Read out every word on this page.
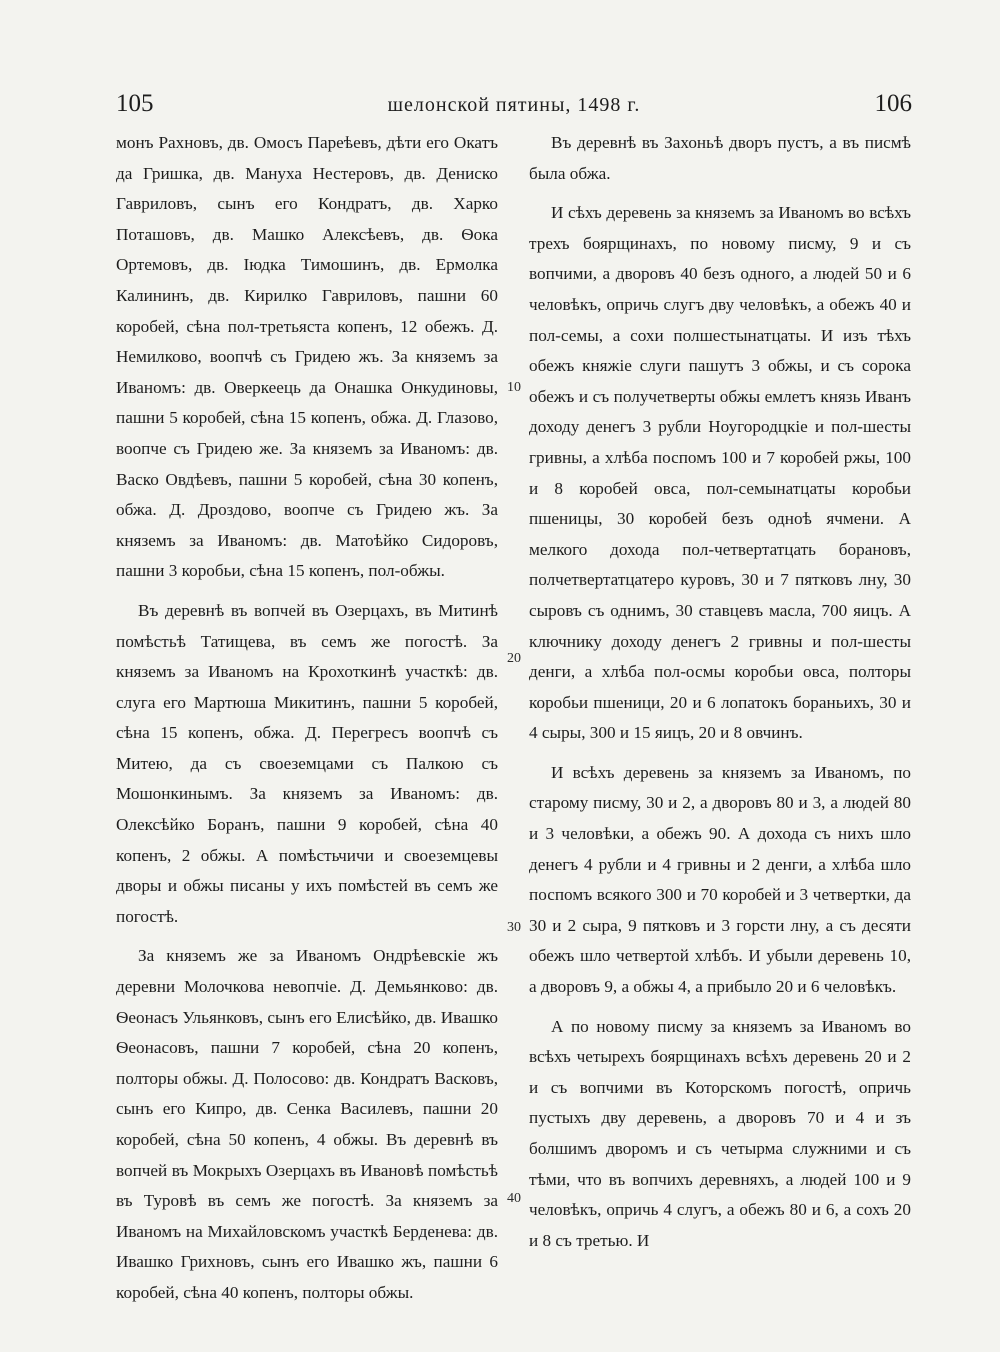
105	шелонской пятины, 1498 г.	106

монъ Рахновъ, дв. Омосъ Пареѣевъ, дѣти его Окатъ да Гришка, дв. Мануха Нестеровъ, дв. Дениско Гавриловъ, сынъ его Кондратъ, дв. Харко Поташовъ, дв. Машко Алексѣевъ, дв. Ѳока Ортемовъ, дв. Іюдка Тимошинъ, дв. Ермолка Калининъ, дв. Кирилко Гавриловъ, пашни 60 коробей, сѣна пол-третьяста копенъ, 12 обежъ. Д. Немилково, воопчѣ съ Гридею жъ. За княземъ за Иваномъ: дв. Оверкеець да Онашка Онкудиновы, пашни 5 коробей, сѣна 15 копенъ, обжа. Д. Глазово, воопче съ Гридею же. За княземъ за Иваномъ: дв. Васко Овдѣевъ, пашни 5 коробей, сѣна 30 копенъ, обжа. Д. Дроздово, воопче съ Гридею жъ. За княземъ за Иваномъ: дв. Матоѣйко Сидоровъ, пашни 3 коробьи, сѣна 15 копенъ, пол-обжы.

Въ деревнѣ въ вопчей въ Озерцахъ, въ Митинѣ помѣстьѣ Татищева, въ семъ же погостѣ. За княземъ за Иваномъ на Крохоткинѣ участкѣ: дв. слуга его Мартюша Микитинъ, пашни 5 коробей, сѣна 15 копенъ, обжа. Д. Перегресъ воопчѣ съ Митею, да съ своеземцами съ Палкою съ Мошонкинымъ. За княземъ за Иваномъ: дв. Олексѣйко Боранъ, пашни 9 коробей, сѣна 40 копенъ, 2 обжы. А помѣстьчичи и своеземцевы дворы и обжы писаны у ихъ помѣстей въ семъ же погостѣ.

За княземъ же за Иваномъ Ондрѣевскіе жъ деревни Молочкова невопчіе. Д. Демьянково: дв. Ѳеонасъ Ульянковъ, сынъ его Елисѣйко, дв. Ивашко Ѳеонасовъ, пашни 7 коробей, сѣна 20 копенъ, полторы обжы. Д. Полосово: дв. Кондратъ Васковъ, сынъ его Кипро, дв. Сенка Василевъ, пашни 20 коробей, сѣна 50 копенъ, 4 обжы. Въ деревнѣ въ вопчей въ Мокрыхъ Озерцахъ въ Ивановѣ помѣстьѣ въ Туровѣ въ семъ же погостѣ. За княземъ за Иваномъ на Михайловскомъ участкѣ Берденева: дв. Ивашко Грихновъ, сынъ его Ивашко жъ, пашни 6 коробей, сѣна 40 копенъ, полторы обжы.

Въ деревнѣ въ Захоньѣ дворъ пустъ, а въ писмѣ была обжа.

И сѣхъ деревень за княземъ за Иваномъ во всѣхъ трехъ боярщинахъ, по новому писму, 9 и съ вопчими, а дворовъ 40 безъ одного, а людей 50 и 6 человѣкъ, опричь слугъ дву человѣкъ, а обежъ 40 и пол-семы, а сохи полшестынатцаты. И изъ тѣхъ обежъ княжіе слуги пашутъ 3 обжы, и съ сорока обежъ и съ получетверты обжы емлетъ князь Иванъ доходу денегъ 3 рубли Ноугородцкіе и пол-шесты гривны, а хлѣба поспомъ 100 и 7 коробей ржы, 100 и 8 коробей овса, пол-семынатцаты коробьи пшеницы, 30 коробей безъ одноѣ ячмени. А мелкого дохода пол-четвертатцать борановъ, полчетвертатцатеро куровъ, 30 и 7 пятковъ лну, 30 сыровъ съ однимъ, 30 ставцевъ масла, 700 яицъ. А ключнику доходу денегъ 2 гривны и пол-шесты денги, а хлѣба пол-осмы коробьи овса, полторы коробьи пшеници, 20 и 6 лопатокъ бораньихъ, 30 и 4 сыры, 300 и 15 яицъ, 20 и 8 овчинъ.

И всѣхъ деревень за княземъ за Иваномъ, по старому писму, 30 и 2, а дворовъ 80 и 3, а людей 80 и 3 человѣки, а обежъ 90. А дохода съ нихъ шло денегъ 4 рубли и 4 гривны и 2 денги, а хлѣба шло поспомъ всякого 300 и 70 коробей и 3 четвертки, да 30 и 2 сыра, 9 пятковъ и 3 горсти лну, а съ десяти обежъ шло четвертой хлѣбъ. И убыли деревень 10, а дворовъ 9, а обжы 4, а прибыло 20 и 6 человѣкъ.

А по новому писму за княземъ за Иваномъ во всѣхъ четырехъ боярщинахъ всѣхъ деревень 20 и 2 и съ вопчими въ Которскомъ погостѣ, опричь пустыхъ дву деревень, а дворовъ 70 и 4 и зъ болшимъ дворомъ и съ четырма служними и съ тѣми, что въ вопчихъ деревняхъ, а людей 100 и 9 человѣкъ, опричь 4 слугъ, а обежъ 80 и 6, а сохъ 20 и 8 съ третью. И

10
20
30
40
